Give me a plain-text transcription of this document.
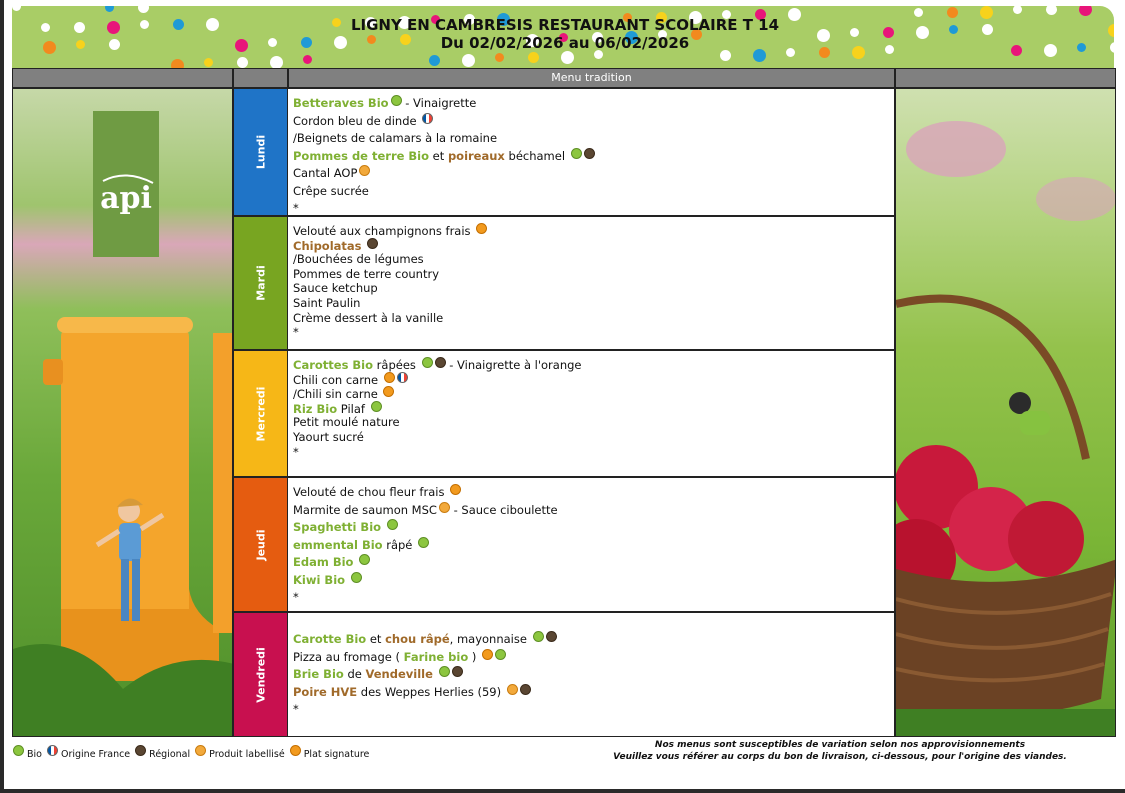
LIGNY EN CAMBRESIS RESTAURANT SCOLAIRE T 14
Du 02/02/2026 au 06/02/2026
Menu tradition
api
Lundi
Betteraves Bio - Vinaigrette
Cordon bleu de dinde
/Beignets de calamars à la romaine
Pommes de terre Bio et poireaux béchamel
Cantal AOP
Crêpe sucrée
*
Mardi
Velouté aux champignons frais
Chipolatas
/Bouchées de légumes
Pommes de terre country
Sauce ketchup
Saint Paulin
Crème dessert à la vanille
*
Mercredi
Carottes Bio râpées  - Vinaigrette à l'orange
Chili con carne
/Chili sin carne
Riz Bio Pilaf
Petit moulé nature
Yaourt sucré
*
Jeudi
Velouté de chou fleur frais
Marmite de saumon MSC - Sauce ciboulette
Spaghetti Bio
emmental Bio râpé
Edam Bio
Kiwi Bio
*
Vendredi
Carotte Bio et chou râpé, mayonnaise
Pizza au fromage ( Farine bio )
Brie Bio de Vendeville
Poire HVE des Weppes Herlies (59)
*
Bio Origine France Régional Produit labellisé Plat signature
Nos menus sont susceptibles de variation selon nos approvisionnements
Veuillez vous référer au corps du bon de livraison, ci-dessous, pour l'origine des viandes.
